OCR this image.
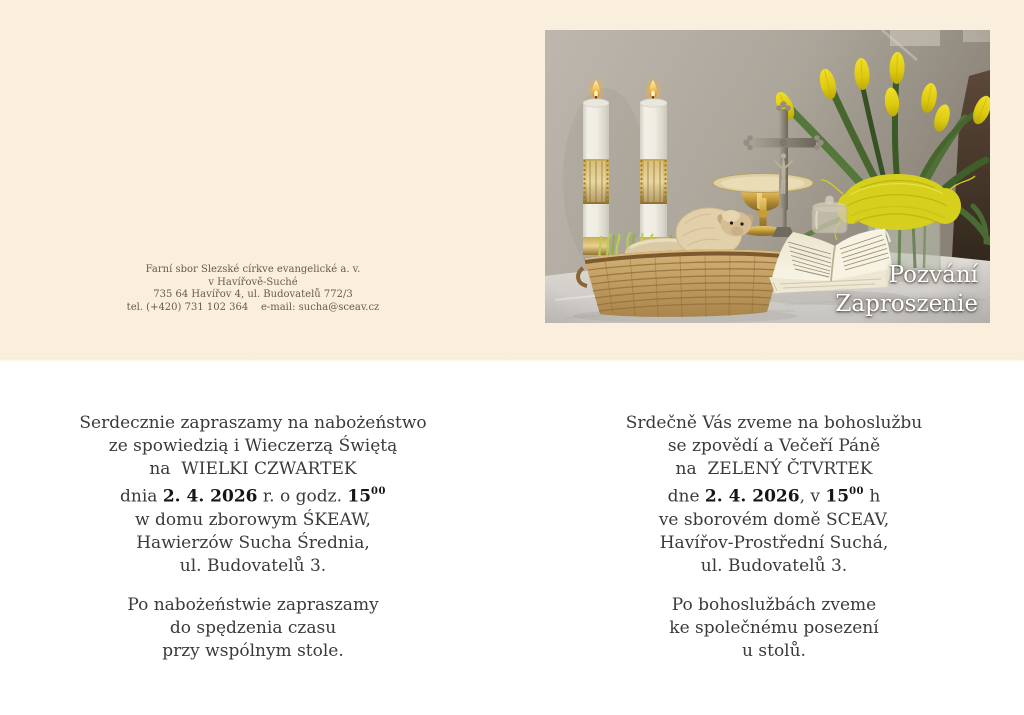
Farní sbor Slezské církve evangelické a. v.
v Havířově-Suché
735 64 Havířov 4, ul. Budovatelů 772/3
tel. (+420) 731 102 364    e-mail: sucha@sceav.cz
Pozvání
Zaproszenie
Serdecznie zapraszamy na nabożeństwo
ze spowiedzią i Wieczerzą Świętą
na  WIELKI CZWARTEK
dnia 2. 4. 2026 r. o godz. $15^{00}$
w domu zborowym ŚKEAW,
Hawierzów Sucha Średnia,
ul. Budovatelů 3.
Po nabożeństwie zapraszamy
do spędzenia czasu
przy wspólnym stole.
Srdečně Vás zveme na bohoslužbu
se zpovědí a Večeří Páně
na  ZELENÝ ČTVRTEK
dne 2. 4. 2026, v $15^{00}$ h
ve sborovém domě SCEAV,
Havířov-Prostřední Suchá,
ul. Budovatelů 3.
Po bohoslužbách zveme
ke společnému posezení
u stolů.
